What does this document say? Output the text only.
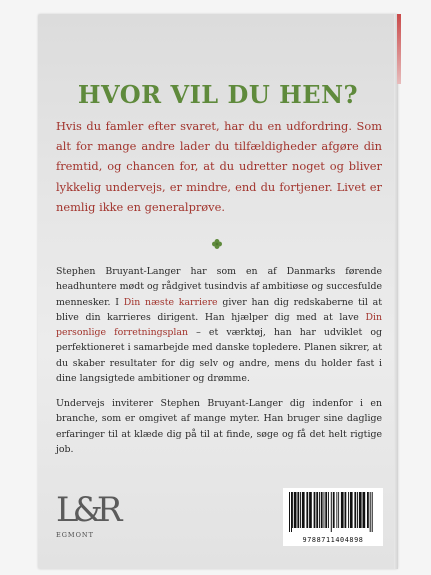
HVOR VIL DU HEN?

Hvis du famler efter svaret, har du en udfordring. Som alt for mange andre lader du tilfældigheder afgøre din fremtid, og chancen for, at du udretter noget og bliver lykkelig undervejs, er mindre, end du fortjener. Livet er nemlig ikke en generalprøve.

Stephen Bruyant-Langer har som en af Danmarks førende headhuntere mødt og rådgivet tusindvis af ambitiøse og succesfulde mennesker. I Din næste karriere giver han dig redskaberne til at blive din karrieres dirigent. Han hjælper dig med at lave Din personlige forretningsplan – et værktøj, han har udviklet og perfektioneret i samarbejde med danske topledere. Planen sikrer, at du skaber resultater for dig selv og andre, mens du holder fast i dine langsigtede ambitioner og drømme.

Undervejs inviterer Stephen Bruyant-Langer dig indenfor i en branche, som er omgivet af mange myter. Han bruger sine daglige erfaringer til at klæde dig på til at finde, søge og få det helt rigtige job.

L&R
EGMONT
9788711404898
